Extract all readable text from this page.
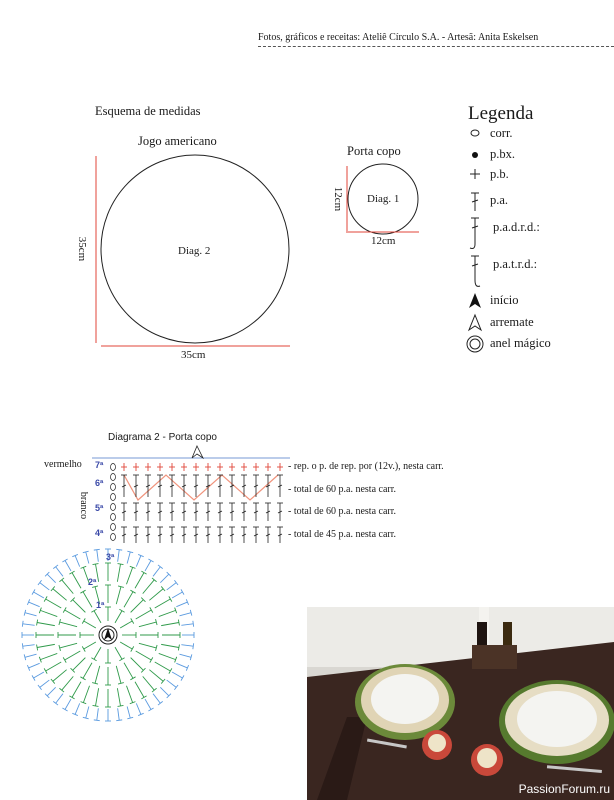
Fotos, gráficos e receitas: Ateliê Círculo S.A. - Artesã: Anita Eskelsen
Esquema de medidas
Jogo americano
Porta copo
Diag. 2
35cm
35cm
Diag. 1
12cm
12cm
Legenda
corr.
p.bx.
p.b.
p.a.
p.a.d.r.d.:
p.a.t.r.d.:
início
arremate
anel mágico
Diagrama 2 - Porta copo
vermelho
branco
7ª
6ª
5ª
4ª
- rep. o p. de rep. por (12v.), nesta carr.
- total de 60 p.a. nesta carr.
- total de 60 p.a. nesta carr.
- total de 45 p.a. nesta carr.
3ª
2ª
1ª
PassionForum.ru
